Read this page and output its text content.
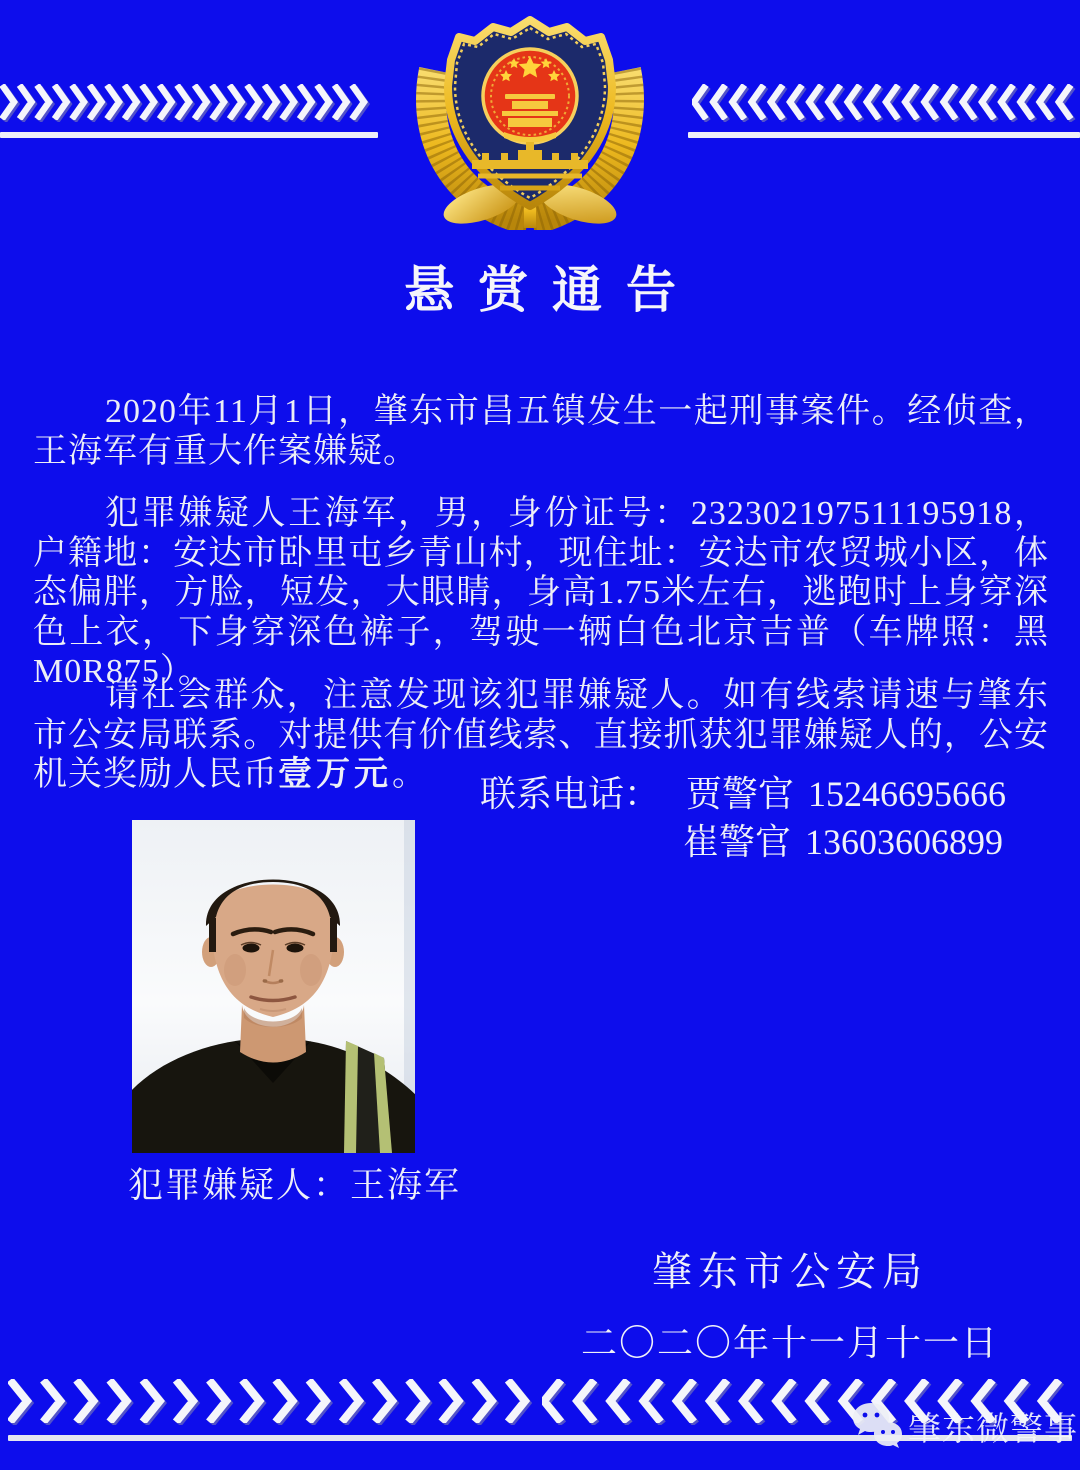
悬赏通告

2020年11月1日，肇东市昌五镇发生一起刑事案件。经侦查，王海军有重大作案嫌疑。

犯罪嫌疑人王海军，男，身份证号：232302197511195918，户籍地：安达市卧里屯乡青山村，现住址：安达市农贸城小区，体态偏胖，方脸，短发，大眼睛，身高1.75米左右，逃跑时上身穿深色上衣，下身穿深色裤子，驾驶一辆白色北京吉普（车牌照：黑M0R875）。

请社会群众，注意发现该犯罪嫌疑人。如有线索请速与肇东市公安局联系。对提供有价值线索、直接抓获犯罪嫌疑人的，公安机关奖励人民币壹万元。	联系电话： 贾警官 15246695666
崔警官 13603606899
犯罪嫌疑人：王海军
肇东市公安局
二〇二〇年十一月十一日
肇东微警事
